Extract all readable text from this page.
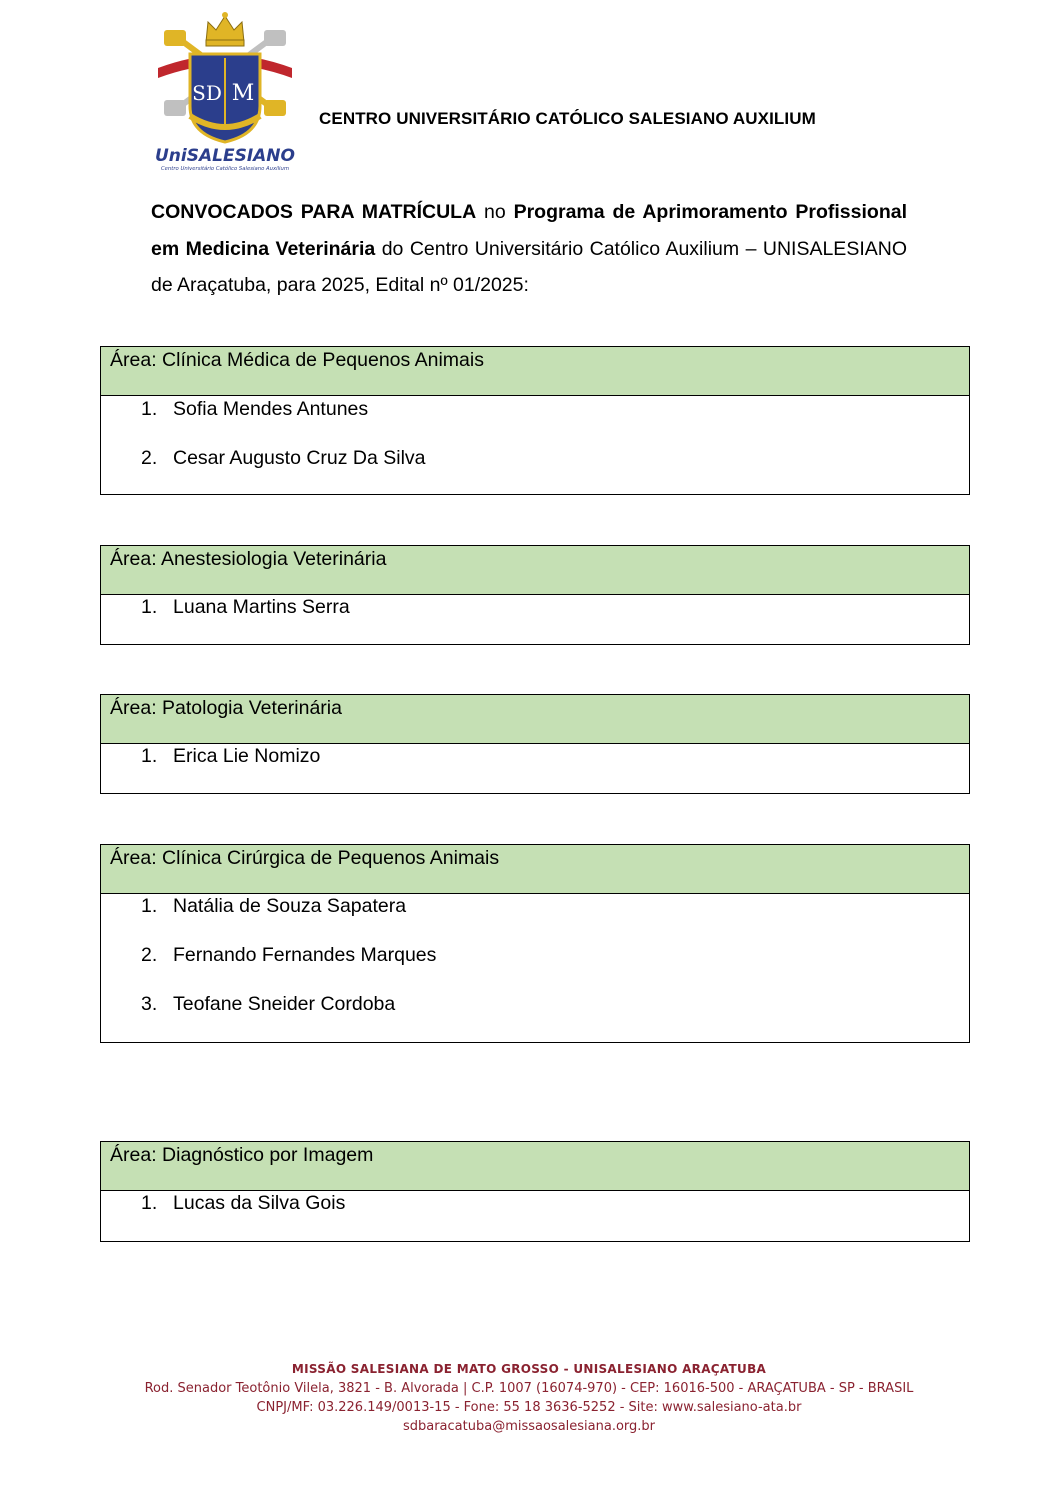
SD M
UniSALESIANO
Centro Universitário Católico Salesiano Auxilium
CENTRO UNIVERSITÁRIO CATÓLICO SALESIANO AUXILIUM
CONVOCADOS PARA MATRÍCULA no Programa de Aprimoramento Profissional em Medicina Veterinária do Centro Universitário Católico Auxilium – UNISALESIANO de Araçatuba, para 2025, Edital nº 01/2025:
Área: Clínica Médica de Pequenos Animais
1. Sofia Mendes Antunes
2. Cesar Augusto Cruz Da Silva
Área: Anestesiologia Veterinária
1. Luana Martins Serra
Área: Patologia Veterinária
1. Erica Lie Nomizo
Área: Clínica Cirúrgica de Pequenos Animais
1. Natália de Souza Sapatera
2. Fernando Fernandes Marques
3. Teofane Sneider Cordoba
Área: Diagnóstico por Imagem
1. Lucas da Silva Gois
MISSÃO SALESIANA DE MATO GROSSO - UNISALESIANO ARAÇATUBA
Rod. Senador Teotônio Vilela, 3821 - B. Alvorada | C.P. 1007 (16074-970) - CEP: 16016-500 - ARAÇATUBA - SP - BRASIL
CNPJ/MF: 03.226.149/0013-15 - Fone: 55 18 3636-5252 - Site: www.salesiano-ata.br
sdbaracatuba@missaosalesiana.org.br
